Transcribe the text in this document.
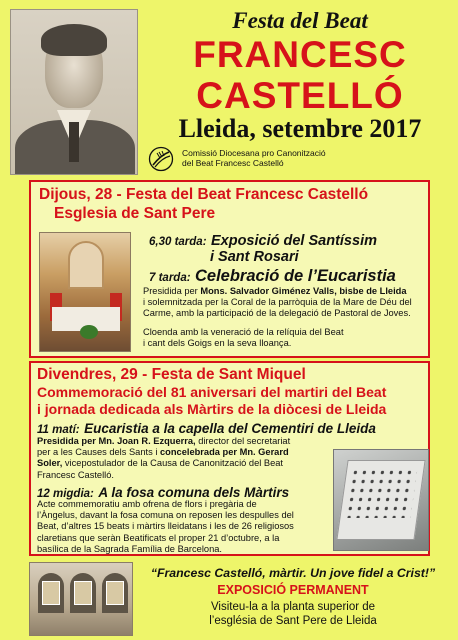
Festa del Beat
FRANCESC
CASTELLÓ
Lleida, setembre 2017
Comissió Diocesana pro Canonització
del Beat Francesc Castelló
Dijous, 28 - Festa del Beat Francesc Castelló
Esglesia de Sant Pere
6,30 tarda: Exposició del Santíssim
i Sant Rosari
7 tarda: Celebració de l’Eucaristia
Presidida per Mons. Salvador Giménez Valls, bisbe de Lleida
i solemnitzada per la Coral de la parròquia de la Mare de Déu del
Carme, amb la participació de la delegació de Pastoral de Joves.
Cloenda amb la veneració de la relíquia del Beat
i cant dels Goigs en la seva lloança.
Divendres, 29 - Festa de Sant Miquel
Commemoració del 81 aniversari del martiri del Beat
i jornada dedicada als Màrtirs de la diòcesi de Lleida
11 matí: Eucaristia a la capella del Cementiri de Lleida
Presidida per Mn. Joan R. Ezquerra, director del secretariat
per a les Causes dels Sants i concelebrada per Mn. Gerard
Soler, vicepostulador de la Causa de Canonització del Beat
Francesc Castelló.
12 migdia: A la fosa comuna dels Màrtirs
Acte commemoratiu amb ofrena de flors i pregària de
l’Àngelus, davant la fosa comuna on reposen les despulles del
Beat, d’altres 15 beats i màrtirs lleidatans i les de 26 religiosos
claretians que seràn Beatificats el proper 21 d’octubre, a la
basílica de la Sagrada Família de Barcelona.
“Francesc Castelló, màrtir. Un jove fidel a Crist!”
EXPOSICIÓ PERMANENT
Visiteu-la a la planta superior de
l’església de Sant Pere de Lleida
